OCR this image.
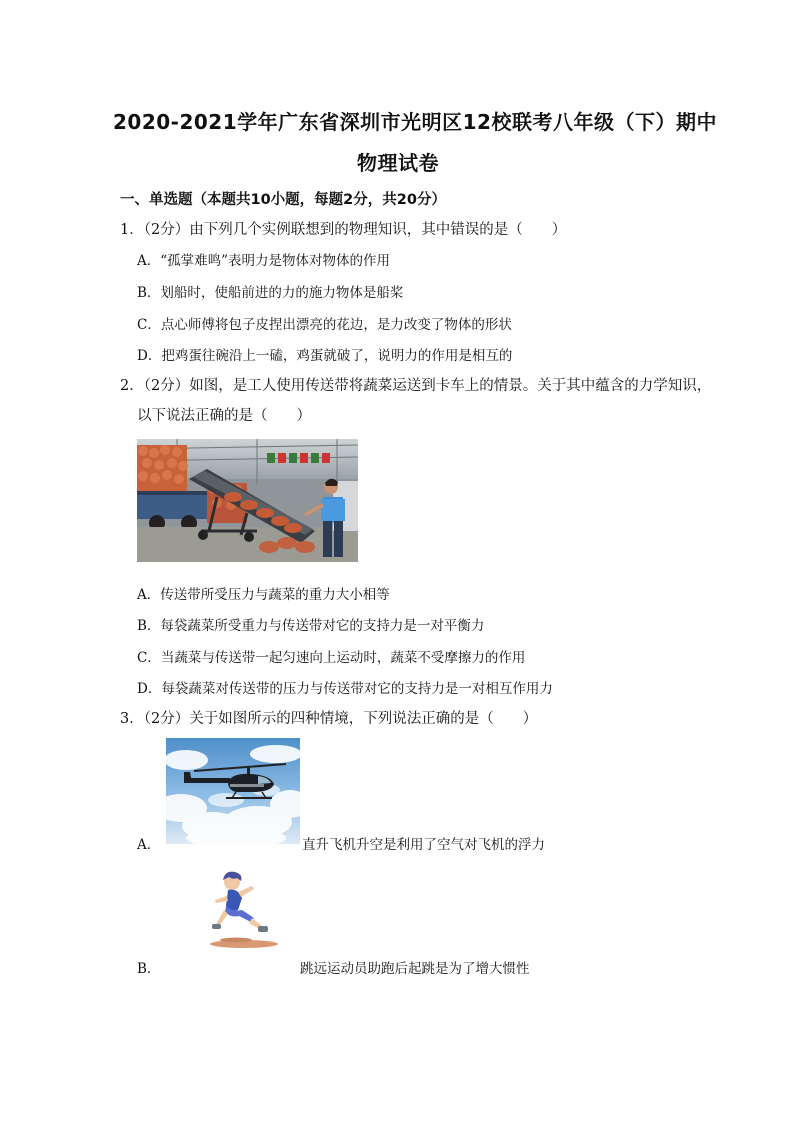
2020-2021学年广东省深圳市光明区12校联考八年级（下）期中
物理试卷
一、单选题（本题共10小题，每题2分，共20分）
1．（2分）由下列几个实例联想到的物理知识，其中错误的是（　　）
A．“孤掌难鸣”表明力是物体对物体的作用
B．划船时，使船前进的力的施力物体是船桨
C．点心师傅将包子皮捏出漂亮的花边，是力改变了物体的形状
D．把鸡蛋往碗沿上一磕，鸡蛋就破了，说明力的作用是相互的
2．（2分）如图，是工人使用传送带将蔬菜运送到卡车上的情景。关于其中蕴含的力学知识，
以下说法正确的是（　　）
A．传送带所受压力与蔬菜的重力大小相等
B．每袋蔬菜所受重力与传送带对它的支持力是一对平衡力
C．当蔬菜与传送带一起匀速向上运动时，蔬菜不受摩擦力的作用
D．每袋蔬菜对传送带的压力与传送带对它的支持力是一对相互作用力
3．（2分）关于如图所示的四种情境，下列说法正确的是（　　）
A．	直升飞机升空是利用了空气对飞机的浮力
B．	跳远运动员助跑后起跳是为了增大惯性
